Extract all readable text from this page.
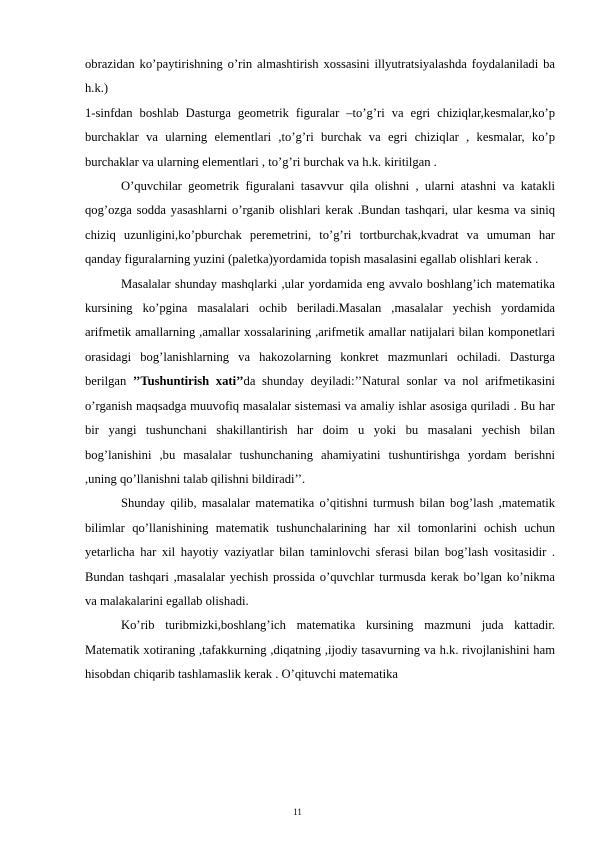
obrazidan ko’paytirishning o’rin almashtirish xossasini illyutratsiyalashda foydalaniladi ba h.k.)

1-sinfdan boshlab Dasturga geometrik figuralar –to’g’ri va egri chiziqlar,kesmalar,ko’p burchaklar va ularning elementlari ,to’g’ri burchak va egri chiziqlar , kesmalar, ko’p burchaklar va ularning elementlari , to’g’ri burchak va h.k. kiritilgan .

O’quvchilar geometrik figuralani tasavvur qila olishni , ularni atashni va katakli qog’ozga sodda yasashlarni o’rganib olishlari kerak .Bundan tashqari, ular kesma va siniq chiziq uzunligini,ko’pburchak peremetrini, to’g’ri tortburchak,kvadrat va umuman har qanday figuralarning yuzini (paletka)yordamida topish masalasini egallab olishlari kerak .

Masalalar shunday mashqlarki ,ular yordamida eng avvalo boshlang’ich matematika kursining ko’pgina masalalari ochib beriladi.Masalan ,masalalar yechish yordamida arifmetik amallarning ,amallar xossalarining ,arifmetik amallar natijalari bilan komponetlari orasidagi bog’lanishlarning va hakozolarning konkret mazmunlari ochiladi. Dasturga berilgan ’’Tushuntirish xati’’da shunday deyiladi:’’Natural sonlar va nol arifmetikasini o’rganish maqsadga muuvofiq masalalar sistemasi va amaliy ishlar asosiga quriladi . Bu har bir yangi tushunchani shakillantirish har doim u yoki bu masalani yechish bilan bog’lanishini ,bu masalalar tushunchaning ahamiyatini tushuntirishga yordam berishni ,uning qo’llanishni talab qilishni bildiradi’’.

Shunday qilib, masalalar matematika o’qitishni turmush bilan bog’lash ,matematik bilimlar qo’llanishining matematik tushunchalarining har xil tomonlarini ochish uchun yetarlicha har xil hayotiy vaziyatlar bilan taminlovchi sferasi bilan bog’lash vositasidir . Bundan tashqari ,masalalar yechish prossida o’quvchlar turmusda kerak bo’lgan ko’nikma va malakalarini egallab olishadi.

Ko’rib turibmizki,boshlang’ich matematika kursining mazmuni juda kattadir. Matematik xotiraning ,tafakkurning ,diqatning ,ijodiy tasavurning va h.k. rivojlanishini ham hisobdan chiqarib tashlamaslik kerak . O’qituvchi matematika

11
